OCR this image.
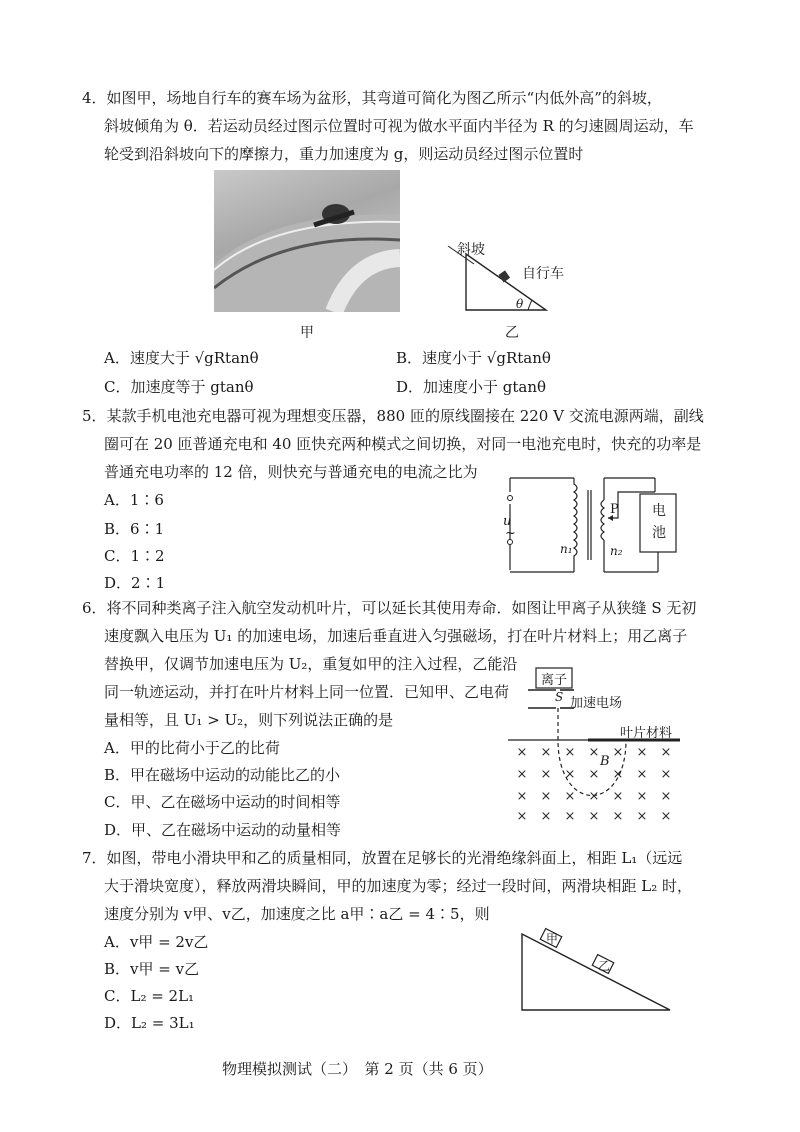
4．如图甲，场地自行车的赛车场为盆形，其弯道可简化为图乙所示“内低外高”的斜坡，
斜坡倾角为 θ．若运动员经过图示位置时可视为做水平面内半径为 R 的匀速圆周运动，车
轮受到沿斜坡向下的摩擦力，重力加速度为 g，则运动员经过图示位置时
甲
斜坡
自行车
θ
乙
A．速度大于 √gRtanθ	B．速度小于 √gRtanθ
C．加速度等于 gtanθ	D．加速度小于 gtanθ
5．某款手机电池充电器可视为理想变压器，880 匝的原线圈接在 220 V 交流电源两端，副线
圈可在 20 匝普通充电和 40 匝快充两种模式之间切换，对同一电池充电时，快充的功率是
普通充电功率的 12 倍，则快充与普通充电的电流之比为
A．1∶6
B．6∶1
C．1∶2
D．2∶1
u
~
n₁	n₂
P 电
池
6．将不同种类离子注入航空发动机叶片，可以延长其使用寿命．如图让甲离子从狭缝 S 无初
速度飘入电压为 U₁ 的加速电场，加速后垂直进入匀强磁场，打在叶片材料上；用乙离子
替换甲，仅调节加速电压为 U₂，重复如甲的注入过程，乙能沿
同一轨迹运动，并打在叶片材料上同一位置．已知甲、乙电荷
量相等，且 U₁ > U₂，则下列说法正确的是
A．甲的比荷小于乙的比荷
B．甲在磁场中运动的动能比乙的小
C．甲、乙在磁场中运动的时间相等
D．甲、乙在磁场中运动的动量相等
× × × × × × ×
× × × × × × ×
× × × × × × ×
× × × × × × ×
离子
S 加速电场
叶片材料
B
7．如图，带电小滑块甲和乙的质量相同，放置在足够长的光滑绝缘斜面上，相距 L₁（远远
大于滑块宽度），释放两滑块瞬间，甲的加速度为零；经过一段时间，两滑块相距 L₂ 时，
速度分别为 v甲、v乙，加速度之比 a甲∶a乙 = 4∶5，则
A．v甲 = 2v乙
B．v甲 = v乙
C．L₂ = 2L₁
D．L₂ = 3L₁
甲
乙
物理模拟测试（二）　第 2 页（共 6 页）
